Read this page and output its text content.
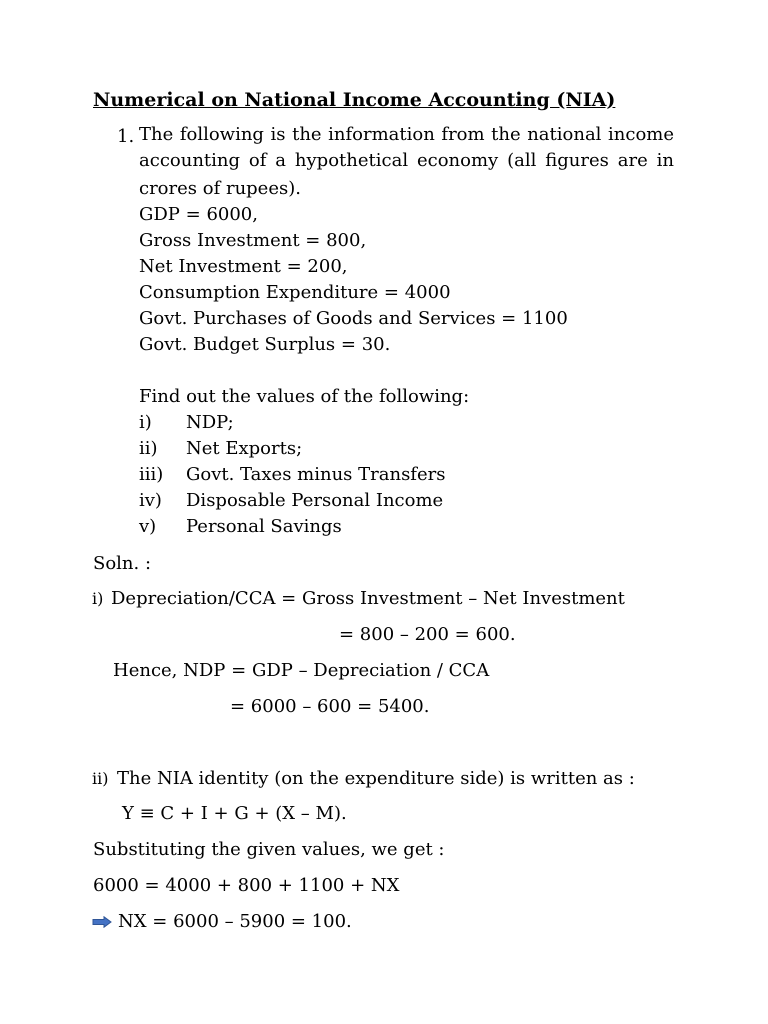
Numerical on National Income Accounting (NIA)
1. The following is the information from the national income
accounting of a hypothetical economy (all figures are in
crores of rupees).
GDP = 6000,
Gross Investment = 800,
Net Investment = 200,
Consumption Expenditure = 4000
Govt. Purchases of Goods and Services = 1100
Govt. Budget Surplus = 30.
Find out the values of the following:
i) NDP;
ii) Net Exports;
iii) Govt. Taxes minus Transfers
iv) Disposable Personal Income
v) Personal Savings
Soln. :
i) Depreciation/CCA = Gross Investment – Net Investment
= 800 – 200 = 600.
Hence, NDP = GDP – Depreciation / CCA
= 6000 – 600 = 5400.
ii) The NIA identity (on the expenditure side) is written as :
Y ≡ C + I + G + (X – M).
Substituting the given values, we get :
6000 = 4000 + 800 + 1100 + NX
NX = 6000 – 5900 = 100.
